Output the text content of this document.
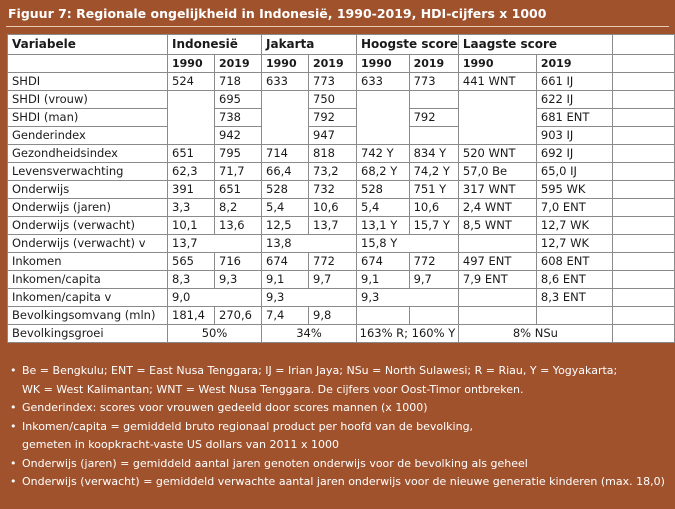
Figuur 7: Regionale ongelijkheid in Indonesië, 1990-2019, HDI-cijfers x 1000
Variabele	Indonesië		Jakarta		Hoogste score		Laagste score		
	1990	2019	1990	2019	1990	2019	1990	2019	
SHDI	524	718	633	773	633	773	441 WNT	661 IJ	
SHDI (vrouw)		695		750				622 IJ	
SHDI (man)		738		792		792		681 ENT	
Genderindex		942		947				903 IJ	
Gezondheidsindex	651	795	714	818	742 Y	834 Y	520 WNT	692 IJ	
Levensverwachting	62,3	71,7	66,4	73,2	68,2 Y	74,2 Y	57,0 Be	65,0 IJ	
Onderwijs	391	651	528	732	528	751 Y	317 WNT	595 WK	
Onderwijs (jaren)	3,3	8,2	5,4	10,6	5,4	10,6	2,4 WNT	7,0 ENT	
Onderwijs (verwacht)	10,1	13,6	12,5	13,7	13,1 Y	15,7 Y	8,5 WNT	12,7 WK	
Onderwijs (verwacht) v	13,7		13,8		15,8 Y			12,7 WK	
Inkomen	565	716	674	772	674	772	497 ENT	608 ENT	
Inkomen/capita	8,3	9,3	9,1	9,7	9,1	9,7	7,9 ENT	8,6 ENT	
Inkomen/capita v	9,0		9,3		9,3			8,3 ENT	
Bevolkingsomvang (mln)	181,4	270,6	7,4	9,8					
Bevolkingsgroei	50%		34%		163% R; 160% Y		8% NSu		
• Be = Bengkulu; ENT = East Nusa Tenggara; IJ = Irian Jaya; NSu = North Sulawesi; R = Riau, Y = Yogyakarta;
WK = West Kalimantan; WNT = West Nusa Tenggara. De cijfers voor Oost-Timor ontbreken.
• Genderindex: scores voor vrouwen gedeeld door scores mannen (x 1000)
• Inkomen/capita = gemiddeld bruto regionaal product per hoofd van de bevolking,
gemeten in koopkracht-vaste US dollars van 2011 x 1000
• Onderwijs (jaren) = gemiddeld aantal jaren genoten onderwijs voor de bevolking als geheel
• Onderwijs (verwacht) = gemiddeld verwachte aantal jaren onderwijs voor de nieuwe generatie kinderen (max. 18,0)
